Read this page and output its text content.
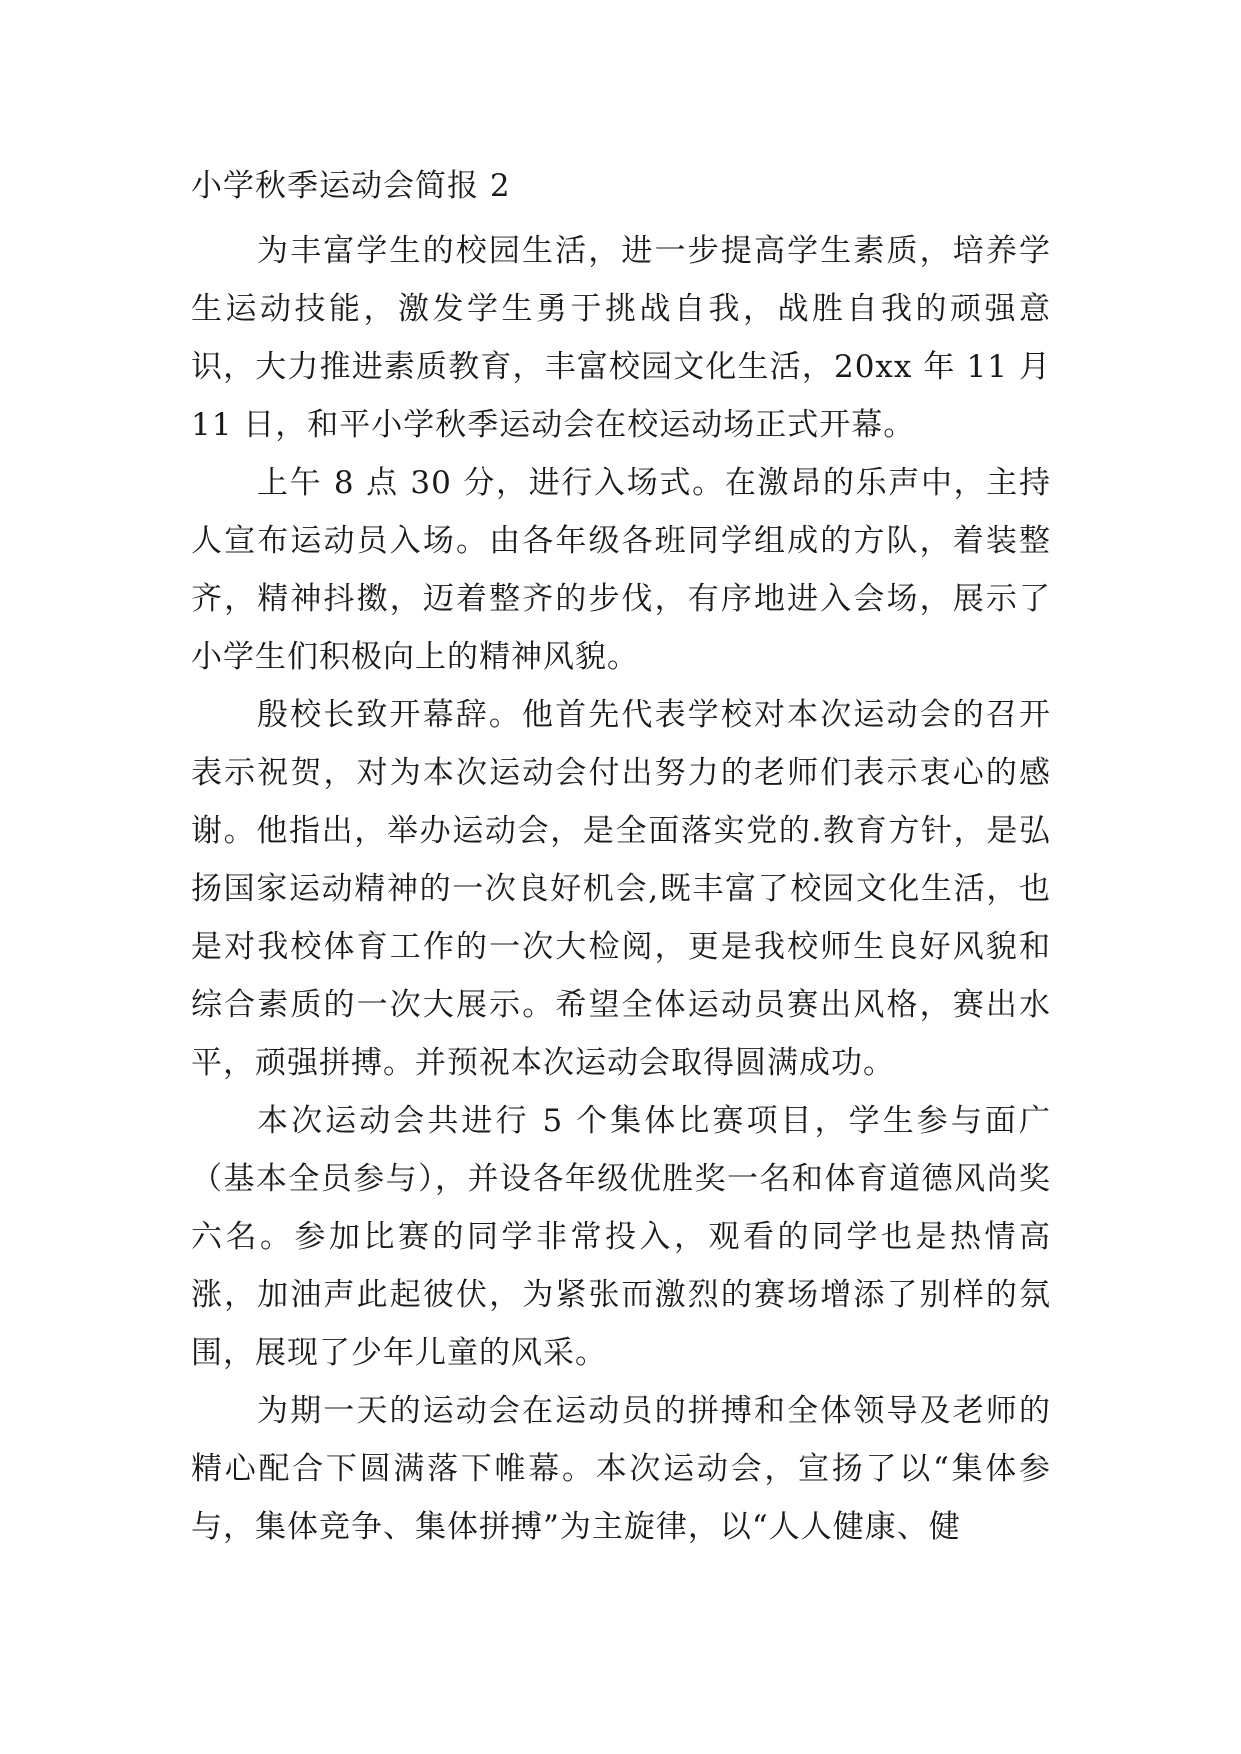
小学秋季运动会简报 2

为丰富学生的校园生活，进一步提高学生素质，培养学生运动技能，激发学生勇于挑战自我，战胜自我的顽强意识，大力推进素质教育，丰富校园文化生活，20xx 年 11 月 11 日，和平小学秋季运动会在校运动场正式开幕。

上午 8 点 30 分，进行入场式。在激昂的乐声中，主持人宣布运动员入场。由各年级各班同学组成的方队，着装整齐，精神抖擞，迈着整齐的步伐，有序地进入会场，展示了小学生们积极向上的精神风貌。

殷校长致开幕辞。他首先代表学校对本次运动会的召开表示祝贺，对为本次运动会付出努力的老师们表示衷心的感谢。他指出，举办运动会，是全面落实党的.教育方针，是弘扬国家运动精神的一次良好机会,既丰富了校园文化生活，也是对我校体育工作的一次大检阅，更是我校师生良好风貌和综合素质的一次大展示。希望全体运动员赛出风格，赛出水平，顽强拼搏。并预祝本次运动会取得圆满成功。

本次运动会共进行 5 个集体比赛项目，学生参与面广（基本全员参与），并设各年级优胜奖一名和体育道德风尚奖六名。参加比赛的同学非常投入，观看的同学也是热情高涨，加油声此起彼伏，为紧张而激烈的赛场增添了别样的氛围，展现了少年儿童的风采。

为期一天的运动会在运动员的拼搏和全体领导及老师的精心配合下圆满落下帷幕。本次运动会，宣扬了以“集体参与，集体竞争、集体拼搏”为主旋律，以“人人健康、健
